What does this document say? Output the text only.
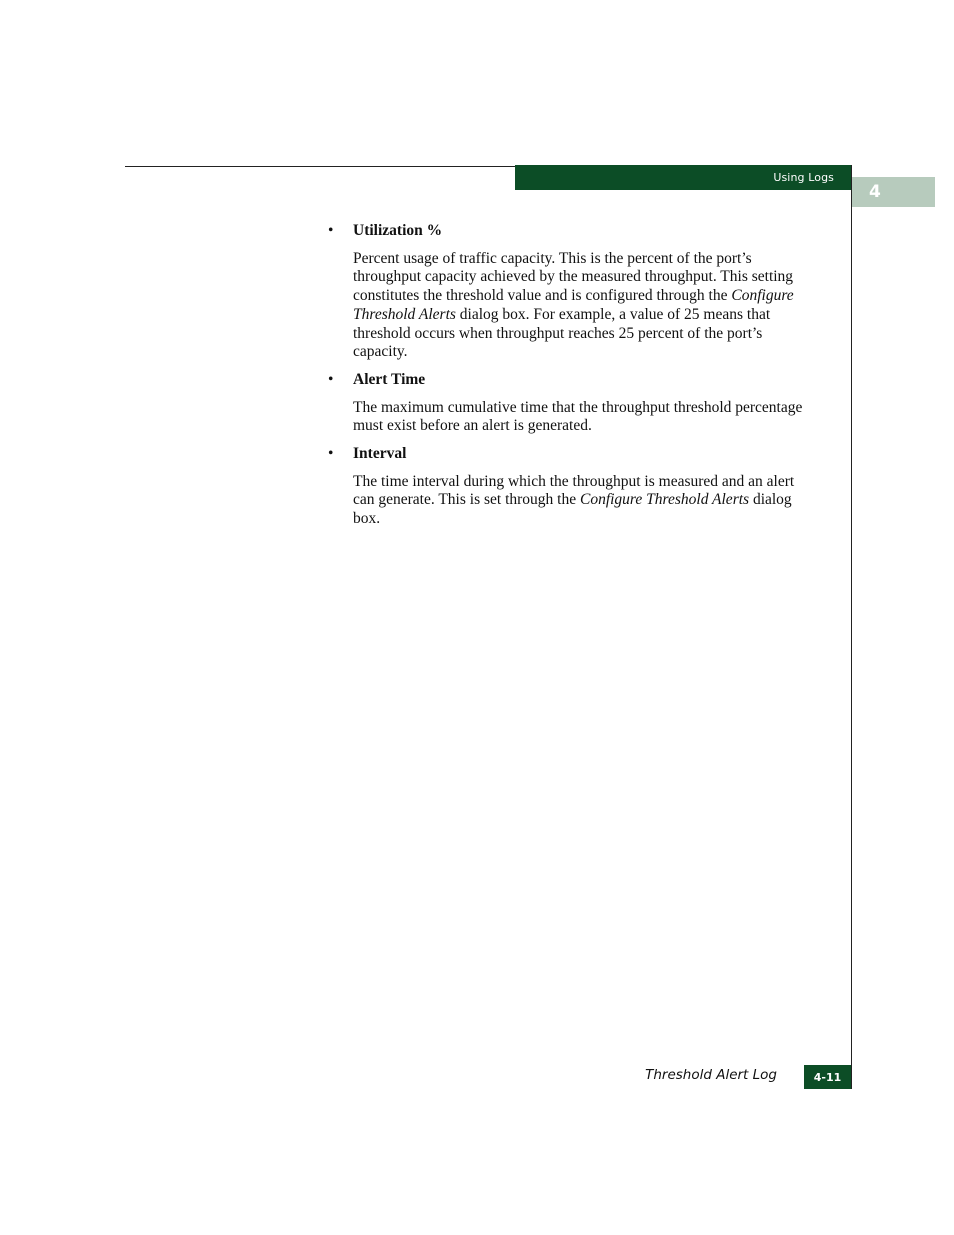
Using Logs
4
• Utilization %

Percent usage of traffic capacity. This is the percent of the port’s throughput capacity achieved by the measured throughput. This setting constitutes the threshold value and is configured through the Configure Threshold Alerts dialog box. For example, a value of 25 means that threshold occurs when throughput reaches 25 percent of the port’s capacity.

• Alert Time

The maximum cumulative time that the throughput threshold percentage must exist before an alert is generated.

• Interval

The time interval during which the throughput is measured and an alert can generate. This is set through the Configure Threshold Alerts dialog box.

Threshold Alert Log	4-11
